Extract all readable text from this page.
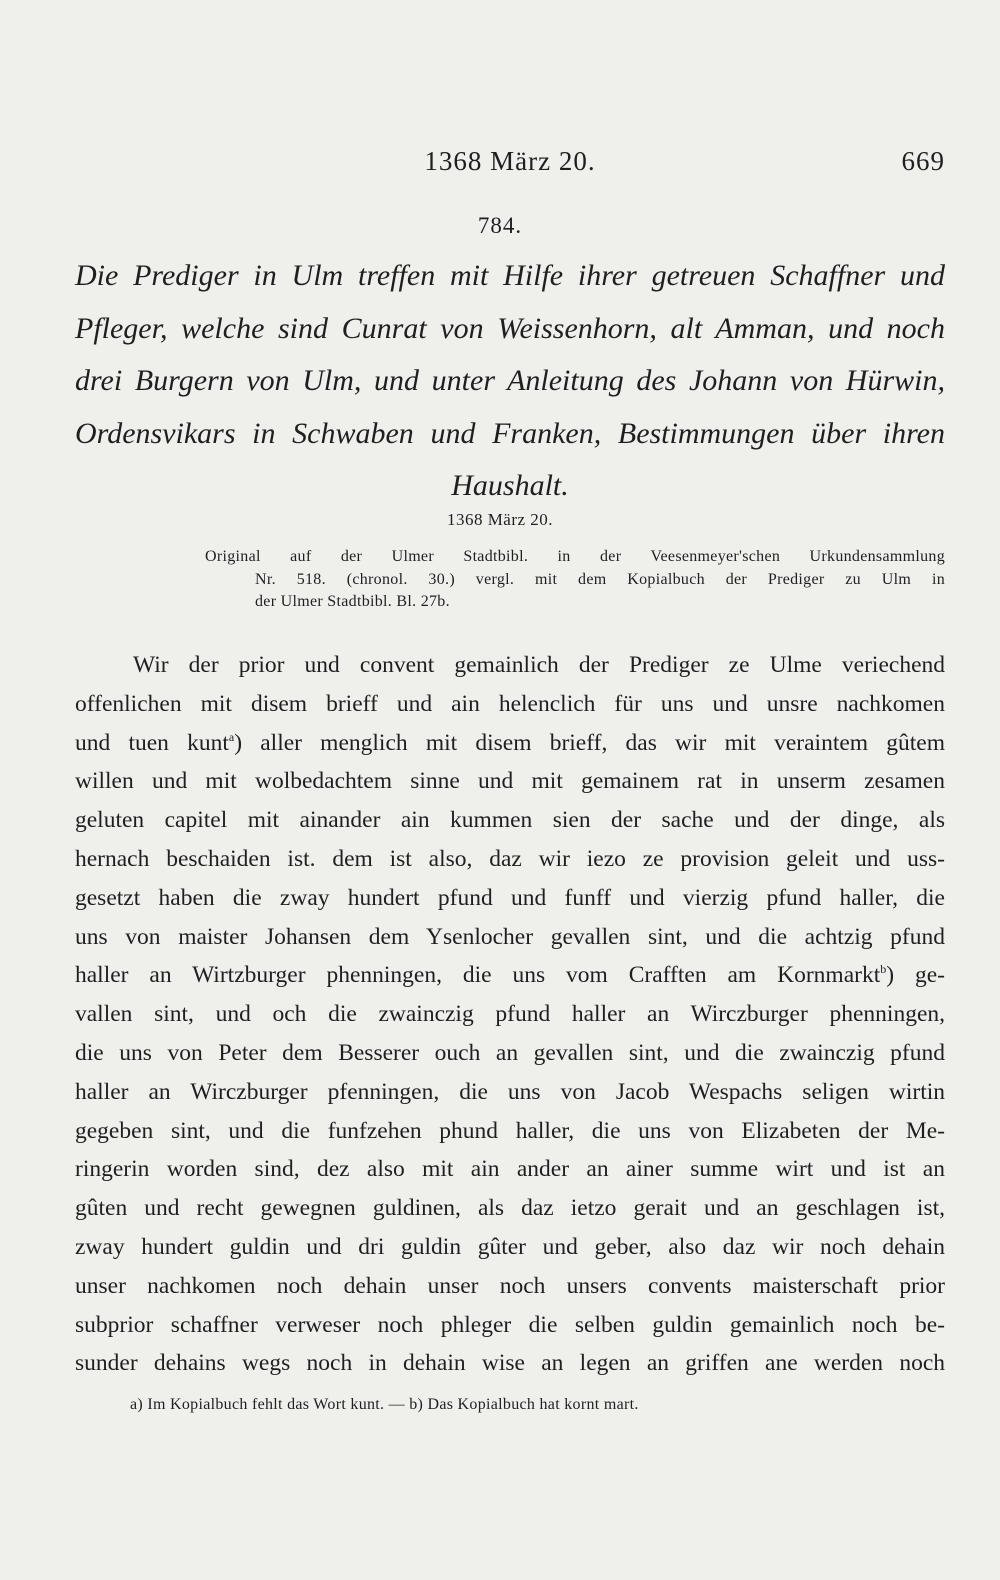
1368 März 20.	669
784.
Die Prediger in Ulm treffen mit Hilfe ihrer getreuen Schaffner und
Pfleger, welche sind Cunrat von Weissenhorn, alt Amman, und noch
drei Burgern von Ulm, und unter Anleitung des Johann von Hürwin,
Ordensvikars in Schwaben und Franken, Bestimmungen über ihren
Haushalt.
1368 März 20.
Original auf der Ulmer Stadtbibl. in der Veesenmeyer'schen Urkundensammlung
Nr. 518. (chronol. 30.) vergl. mit dem Kopialbuch der Prediger zu Ulm in
der Ulmer Stadtbibl. Bl. 27b.
Wir der prior und convent gemainlich der Prediger ze Ulme veriechend
offenlichen mit disem brieff und ain helenclich für uns und unsre nachkomen
und tuen kunt$^a$) aller menglich mit disem brieff, das wir mit veraintem gûtem
willen und mit wolbedachtem sinne und mit gemainem rat in unserm zesamen
geluten capitel mit ainander ain kummen sien der sache und der dinge, als
hernach beschaiden ist. dem ist also, daz wir iezo ze provision geleit und uss-
gesetzt haben die zway hundert pfund und funff und vierzig pfund haller, die
uns von maister Johansen dem Ysenlocher gevallen sint, und die achtzig pfund
haller an Wirtzburger phenningen, die uns vom Crafften am Kornmarkt$^b$) ge-
vallen sint, und och die zwainczig pfund haller an Wirczburger phenningen,
die uns von Peter dem Besserer ouch an gevallen sint, und die zwainczig pfund
haller an Wirczburger pfenningen, die uns von Jacob Wespachs seligen wirtin
gegeben sint, und die funfzehen phund haller, die uns von Elizabeten der Me-
ringerin worden sind, dez also mit ain ander an ainer summe wirt und ist an
gûten und recht gewegnen guldinen, als daz ietzo gerait und an geschlagen ist,
zway hundert guldin und dri guldin gûter und geber, also daz wir noch dehain
unser nachkomen noch dehain unser noch unsers convents maisterschaft prior
subprior schaffner verweser noch phleger die selben guldin gemainlich noch be-
sunder dehains wegs noch in dehain wise an legen an griffen ane werden noch
a) Im Kopialbuch fehlt das Wort kunt. — b) Das Kopialbuch hat kornt mart.
